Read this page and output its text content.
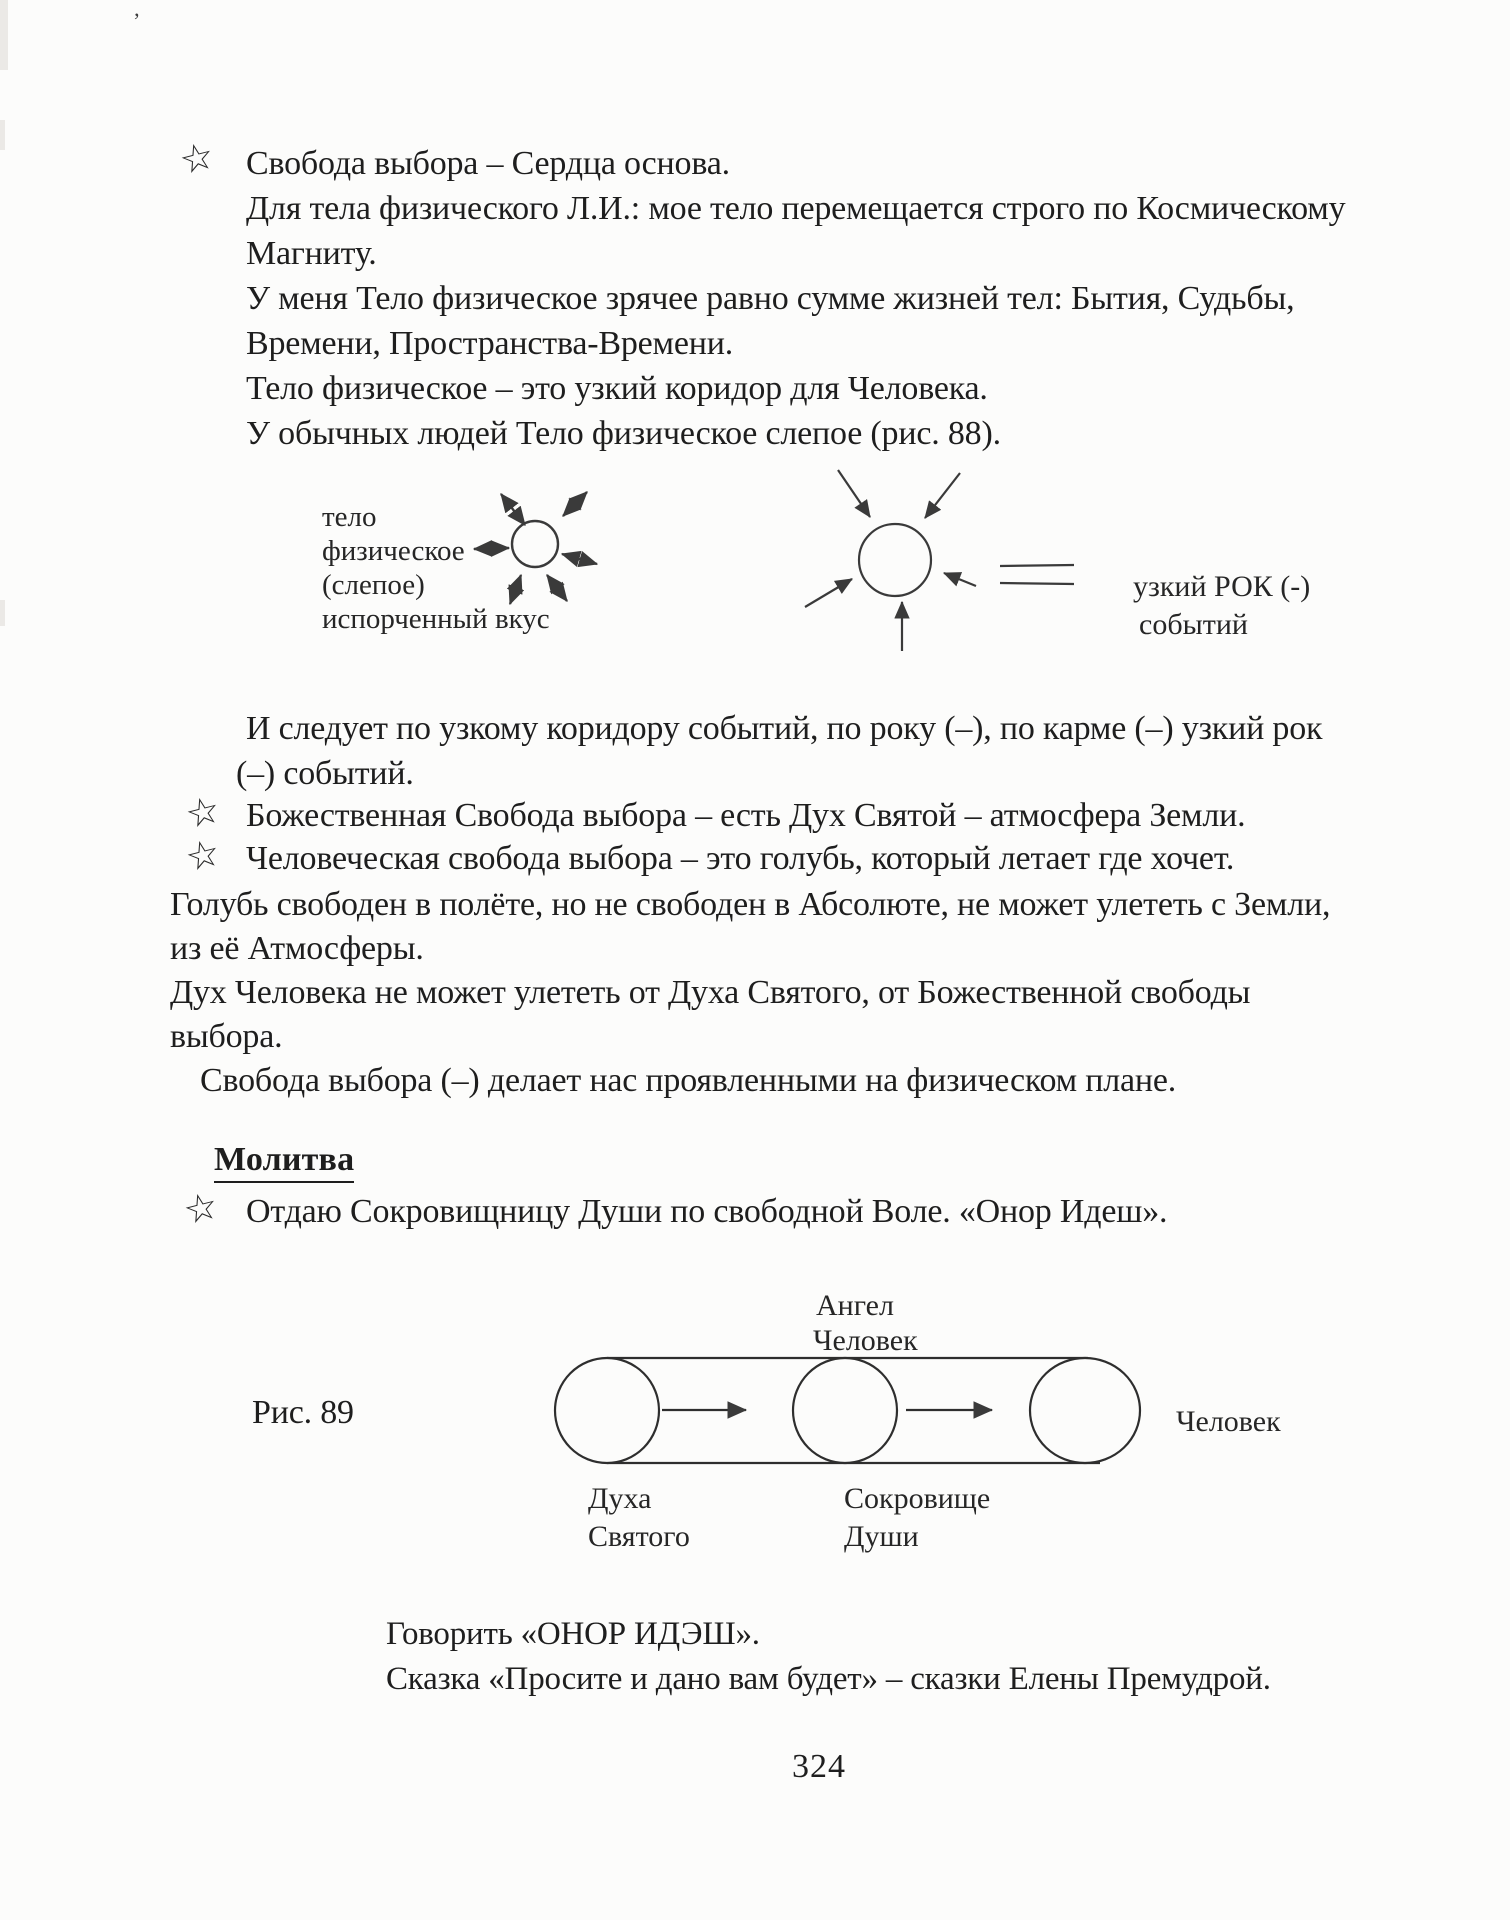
’
☆ Свобода выбора – Сердца основа.
Для тела физического Л.И.: мое тело перемещается строго по Космическому
Магниту.
У меня Тело физическое зрячее равно сумме жизней тел: Бытия, Судьбы,
Времени, Пространства-Времени.
Тело физическое – это узкий коридор для Человека.
У обычных людей Тело физическое слепое (рис. 88).
тело
физическое
(слепое)
испорченный вкус
узкий РОК (-)
событий
И следует по узкому коридору событий, по року (–), по карме (–) узкий рок
(–) событий.
☆ Божественная Свобода выбора – есть Дух Святой – атмосфера Земли.
☆ Человеческая свобода выбора – это голубь, который летает где хочет.
Голубь свободен в полёте, но не свободен в Абсолюте, не может улететь с Земли,
из её Атмосферы.
Дух Человека не может улететь от Духа Святого, от Божественной свободы
выбора.
Свобода выбора (–) делает нас проявленными на физическом плане.
Молитва
☆ Отдаю Сокровищницу Души по свободной Воле. «Онор Идеш».
Ангел
Человек
Рис. 89	Человек
Духа
Святого
Сокровище
Души
Говорить «ОНОР ИДЭШ».
Сказка «Просите и дано вам будет» – сказки Елены Премудрой.
324
